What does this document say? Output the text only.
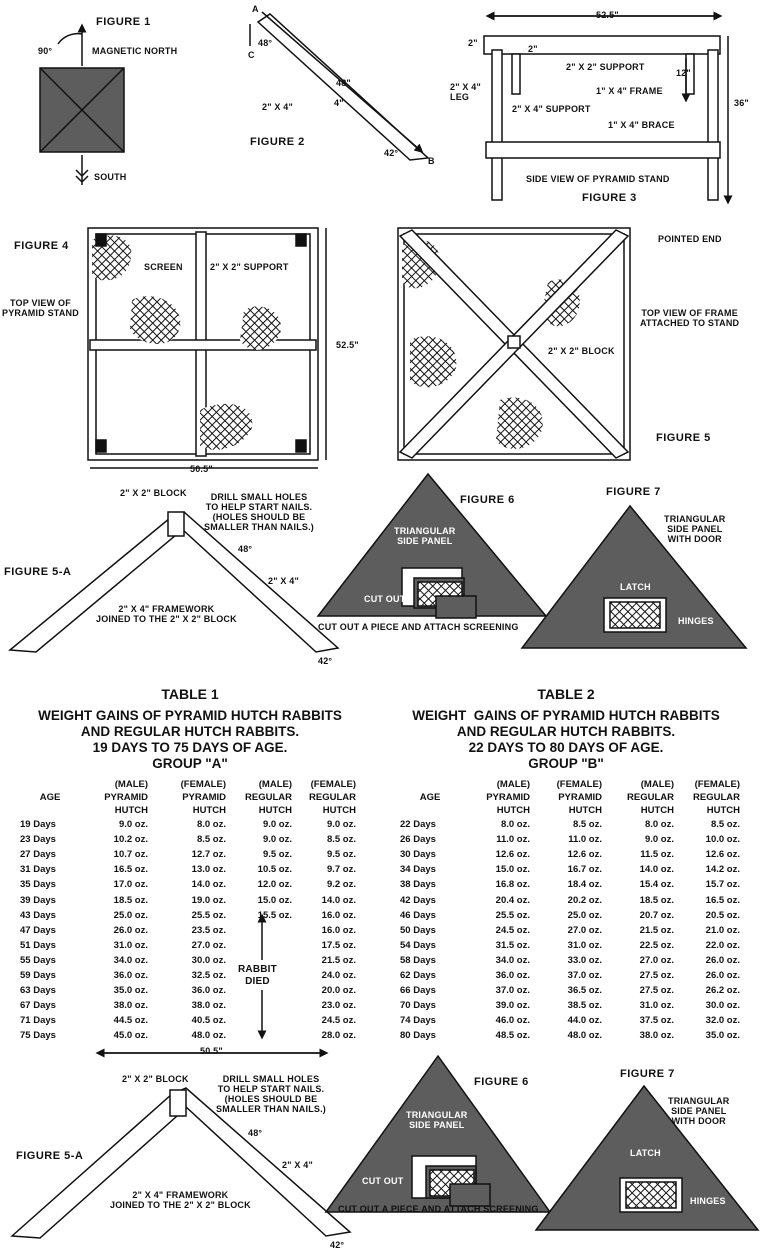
FIGURE 1
90°	MAGNETIC NORTH
SOUTH
FIGURE 2
A
B
C
48°
48"
4"
2" X 4"
42°
FIGURE 3
52.5"
2"
2"
2" X 2" SUPPORT
1" X 4" FRAME
12"
36"
2" X 4"
LEG
2" X 4" SUPPORT
1" X 4" BRACE
SIDE VIEW OF PYRAMID STAND
FIGURE 4
SCREEN	2" X 2" SUPPORT
TOP VIEW OF
PYRAMID STAND
52.5"
50.5"
FIGURE 5
POINTED END
TOP VIEW OF FRAME
ATTACHED TO STAND
2" X 2" BLOCK
FIGURE 5-A
2" X 2" BLOCK	DRILL SMALL HOLES
TO HELP START NAILS.
(HOLES SHOULD BE
SMALLER THAN NAILS.)
48°
2" X 4"
2" X 4" FRAMEWORK
JOINED TO THE 2" X 2" BLOCK
42°
FIGURE 6
TRIANGULAR
SIDE PANEL
CUT OUT
CUT OUT A PIECE AND ATTACH SCREENING
FIGURE 7
TRIANGULAR
SIDE PANEL
WITH DOOR
LATCH
HINGES
TABLE 1
WEIGHT GAINS OF PYRAMID HUTCH RABBITS
AND REGULAR HUTCH RABBITS.
19 DAYS TO 75 DAYS OF AGE.
GROUP "A"
AGE	(MALE)
PYRAMID
HUTCH	(FEMALE)
PYRAMID
HUTCH	(MALE)
REGULAR
HUTCH	(FEMALE)
REGULAR
HUTCH
19 Days	9.0 oz.	8.0 oz.	9.0 oz.	9.0 oz.
23 Days	10.2 oz.	8.5 oz.	9.0 oz.	8.5 oz.
27 Days	10.7 oz.	12.7 oz.	9.5 oz.	9.5 oz.
31 Days	16.5 oz.	13.0 oz.	10.5 oz.	9.7 oz.
35 Days	17.0 oz.	14.0 oz.	12.0 oz.	9.2 oz.
39 Days	18.5 oz.	19.0 oz.	15.0 oz.	14.0 oz.
43 Days	25.0 oz.	25.5 oz.	15.5 oz.	16.0 oz.
47 Days	26.0 oz.	23.5 oz.		16.0 oz.
51 Days	31.0 oz.	27.0 oz.		17.5 oz.
55 Days	34.0 oz.	30.0 oz.		21.5 oz.
59 Days	36.0 oz.	32.5 oz.		24.0 oz.
63 Days	35.0 oz.	36.0 oz.		20.0 oz.
67 Days	38.0 oz.	38.0 oz.		23.0 oz.
71 Days	44.5 oz.	40.5 oz.		24.5 oz.
75 Days	45.0 oz.	48.0 oz.		28.0 oz.
RABBIT
DIED
50.5"
TABLE 2
WEIGHT  GAINS OF PYRAMID HUTCH RABBITS
AND REGULAR HUTCH RABBITS.
22 DAYS TO 80 DAYS OF AGE.
GROUP "B"
AGE	(MALE)
PYRAMID
HUTCH	(FEMALE)
PYRAMID
HUTCH	(MALE)
REGULAR
HUTCH	(FEMALE)
REGULAR
HUTCH
22 Days	8.0 oz.	8.5 oz.	8.0 oz.	8.5 oz.
26 Days	11.0 oz.	11.0 oz.	9.0 oz.	10.0 oz.
30 Days	12.6 oz.	12.6 oz.	11.5 oz.	12.6 oz.
34 Days	15.0 oz.	16.7 oz.	14.0 oz.	14.2 oz.
38 Days	16.8 oz.	18.4 oz.	15.4 oz.	15.7 oz.
42 Days	20.4 oz.	20.2 oz.	18.5 oz.	16.5 oz.
46 Days	25.5 oz.	25.0 oz.	20.7 oz.	20.5 oz.
50 Days	24.5 oz.	27.0 oz.	21.5 oz.	21.0 oz.
54 Days	31.5 oz.	31.0 oz.	22.5 oz.	22.0 oz.
58 Days	34.0 oz.	33.0 oz.	27.0 oz.	26.0 oz.
62 Days	36.0 oz.	37.0 oz.	27.5 oz.	26.0 oz.
66 Days	37.0 oz.	36.5 oz.	27.5 oz.	26.2 oz.
70 Days	39.0 oz.	38.5 oz.	31.0 oz.	30.0 oz.
74 Days	46.0 oz.	44.0 oz.	37.5 oz.	32.0 oz.
80 Days	48.5 oz.	48.0 oz.	38.0 oz.	35.0 oz.
FIGURE 5-A
2" X 2" BLOCK	DRILL SMALL HOLES
TO HELP START NAILS.
(HOLES SHOULD BE
SMALLER THAN NAILS.)
48°
2" X 4"
2" X 4" FRAMEWORK
JOINED TO THE 2" X 2" BLOCK
42°
FIGURE 6
TRIANGULAR
SIDE PANEL
CUT OUT
CUT OUT A PIECE AND ATTACH SCREENING
FIGURE 7
TRIANGULAR
SIDE PANEL
WITH DOOR
LATCH
HINGES
